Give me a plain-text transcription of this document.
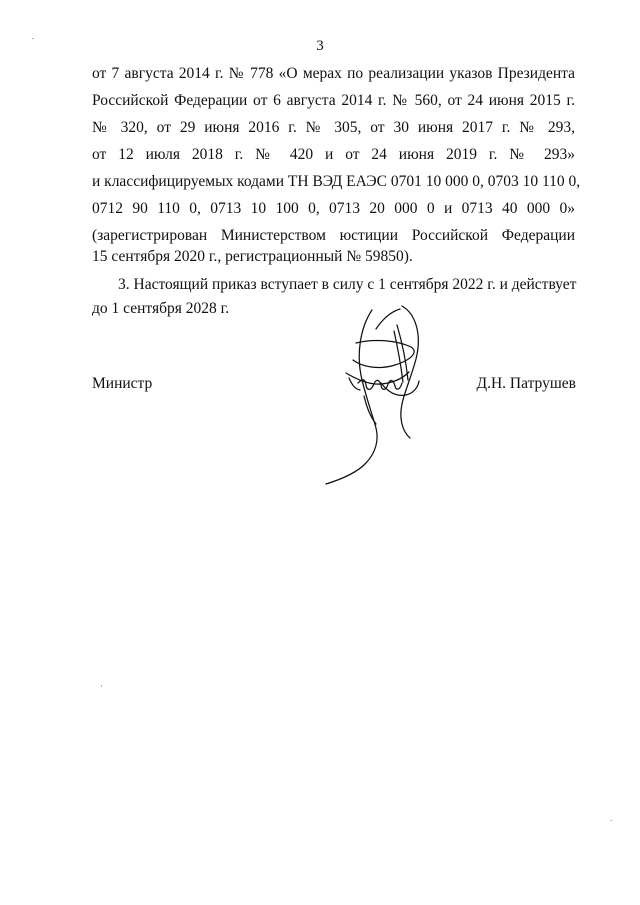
3
от 7 августа 2014 г. № 778 «О мерах по реализации указов Президента
Российской Федерации от 6 августа 2014 г. № 560, от 24 июня 2015 г.
№ 320, от 29 июня 2016 г. № 305, от 30 июня 2017 г. № 293,
от 12 июля 2018 г. № 420 и от 24 июня 2019 г. № 293»
и классифицируемых кодами ТН ВЭД ЕАЭС 0701 10 000 0, 0703 10 110 0,
0712 90 110 0, 0713 10 100 0, 0713 20 000 0 и 0713 40 000 0»
(зарегистрирован Министерством юстиции Российской Федерации
15 сентября 2020 г., регистрационный № 59850).
3. Настоящий приказ вступает в силу с 1 сентября 2022 г. и действует
до 1 сентября 2028 г.
Министр	Д.Н. Патрушев
